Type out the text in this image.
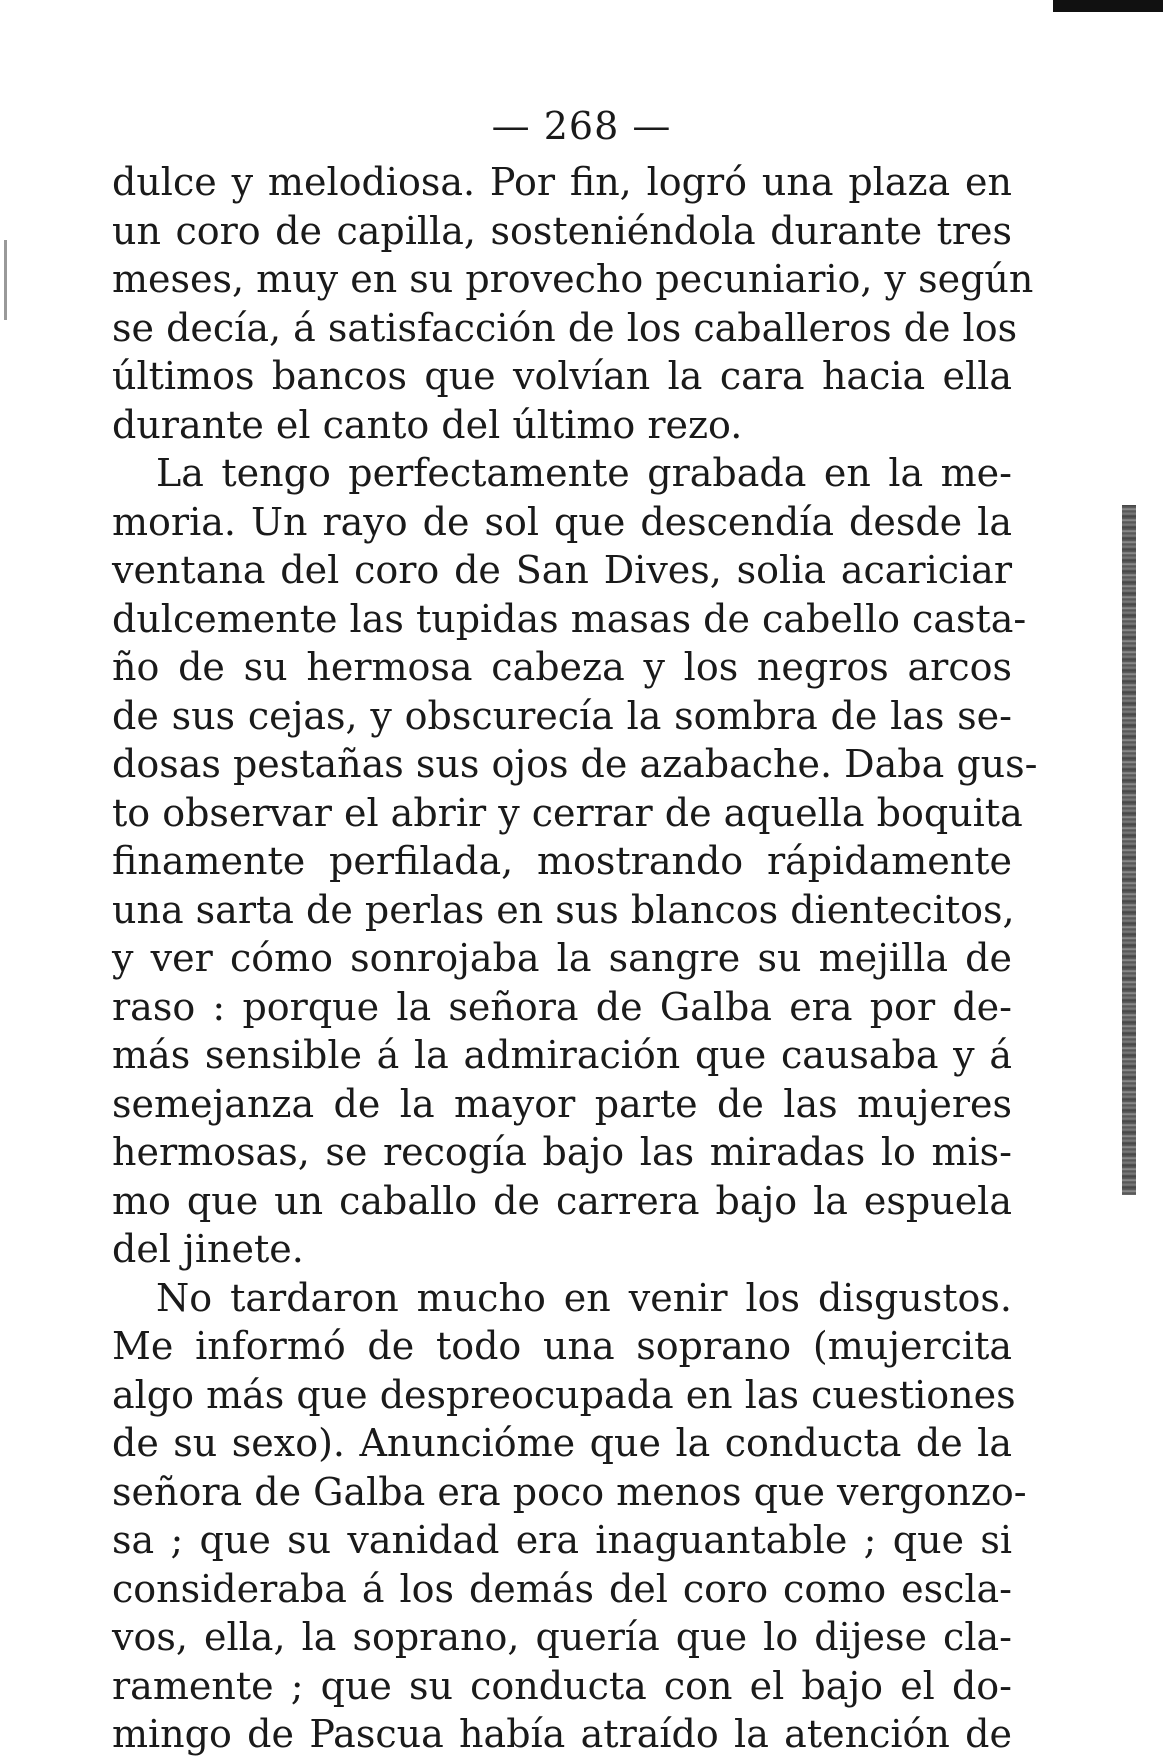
— 268 —
dulce y melodiosa. Por fin, logró una plaza en
un coro de capilla, sosteniéndola durante tres
meses, muy en su provecho pecuniario, y según
se decía, á satisfacción de los caballeros de los
últimos bancos que volvían la cara hacia ella
durante el canto del último rezo.
La tengo perfectamente grabada en la me-
moria. Un rayo de sol que descendía desde la
ventana del coro de San Dives, solia acariciar
dulcemente las tupidas masas de cabello casta-
ño de su hermosa cabeza y los negros arcos
de sus cejas, y obscurecía la sombra de las se-
dosas pestañas sus ojos de azabache. Daba gus-
to observar el abrir y cerrar de aquella boquita
finamente perfilada, mostrando rápidamente
una sarta de perlas en sus blancos dientecitos,
y ver cómo sonrojaba la sangre su mejilla de
raso : porque la señora de Galba era por de-
más sensible á la admiración que causaba y á
semejanza de la mayor parte de las mujeres
hermosas, se recogía bajo las miradas lo mis-
mo que un caballo de carrera bajo la espuela
del jinete.
No tardaron mucho en venir los disgustos.
Me informó de todo una soprano (mujercita
algo más que despreocupada en las cuestiones
de su sexo). Anuncióme que la conducta de la
señora de Galba era poco menos que vergonzo-
sa ; que su vanidad era inaguantable ; que si
consideraba á los demás del coro como escla-
vos, ella, la soprano, quería que lo dijese cla-
ramente ; que su conducta con el bajo el do-
mingo de Pascua había atraído la atención de
